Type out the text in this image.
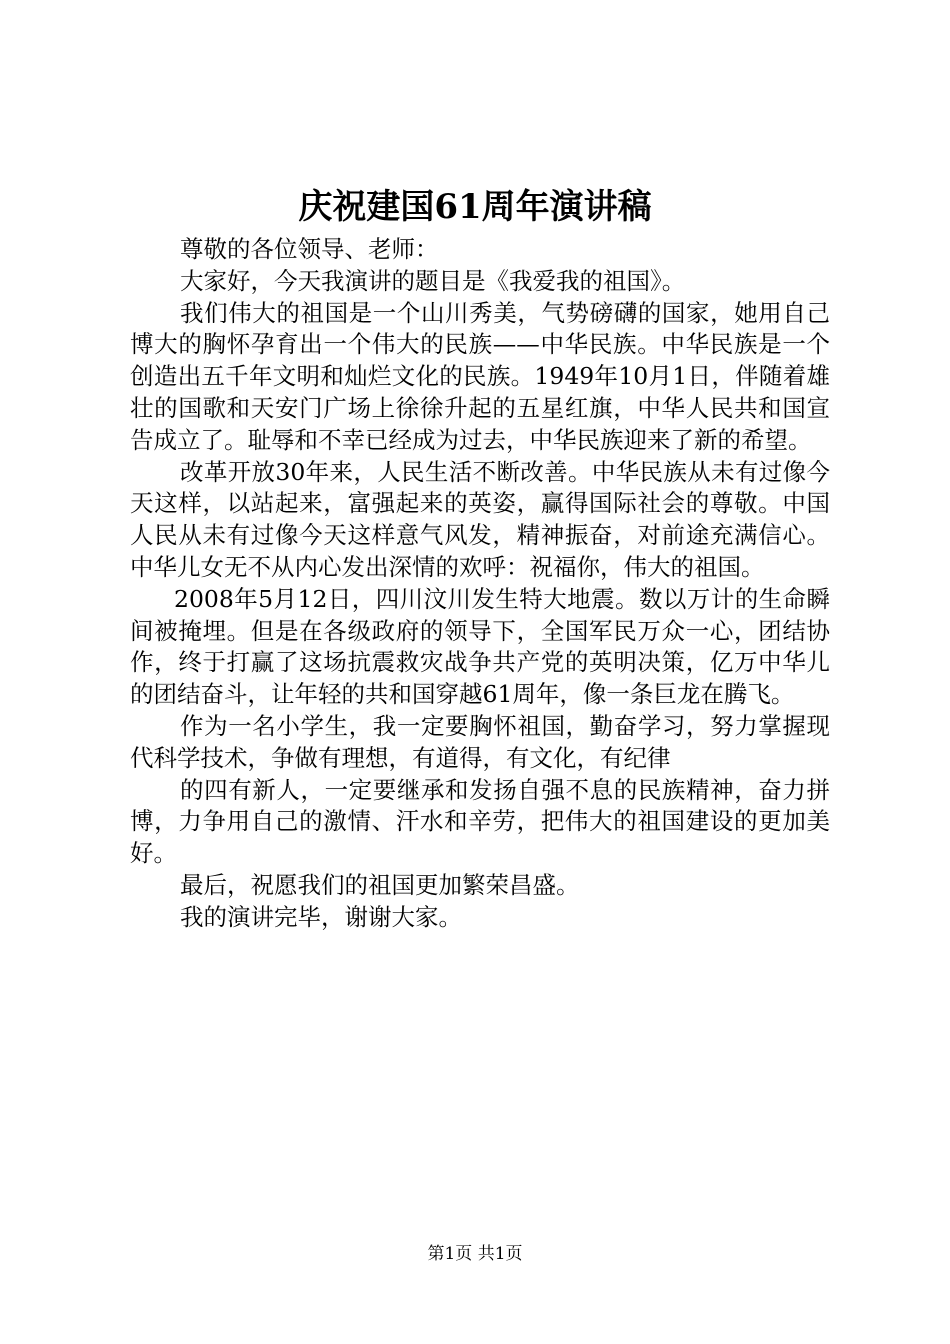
庆祝建国61周年演讲稿

尊敬的各位领导、老师：

大家好，今天我演讲的题目是《我爱我的祖国》。

我们伟大的祖国是一个山川秀美，气势磅礴的国家，她用自己博大的胸怀孕育出一个伟大的民族——中华民族。中华民族是一个创造出五千年文明和灿烂文化的民族。1949年10月1日，伴随着雄壮的国歌和天安门广场上徐徐升起的五星红旗，中华人民共和国宣告成立了。耻辱和不幸已经成为过去，中华民族迎来了新的希望。

改革开放30年来，人民生活不断改善。中华民族从未有过像今天这样，以站起来，富强起来的英姿，赢得国际社会的尊敬。中国人民从未有过像今天这样意气风发，精神振奋，对前途充满信心。中华儿女无不从内心发出深情的欢呼：祝福你，伟大的祖国。

2008年5月12日，四川汶川发生特大地震。数以万计的生命瞬间被掩埋。但是在各级政府的领导下，全国军民万众一心，团结协作，终于打赢了这场抗震救灾战争共产党的英明决策，亿万中华儿的团结奋斗，让年轻的共和国穿越61周年，像一条巨龙在腾飞。

作为一名小学生，我一定要胸怀祖国，勤奋学习，努力掌握现代科学技术，争做有理想，有道得，有文化，有纪律

的四有新人，一定要继承和发扬自强不息的民族精神，奋力拼博，力争用自己的激情、汗水和辛劳，把伟大的祖国建设的更加美好。

最后，祝愿我们的祖国更加繁荣昌盛。

我的演讲完毕，谢谢大家。

第1页 共1页
